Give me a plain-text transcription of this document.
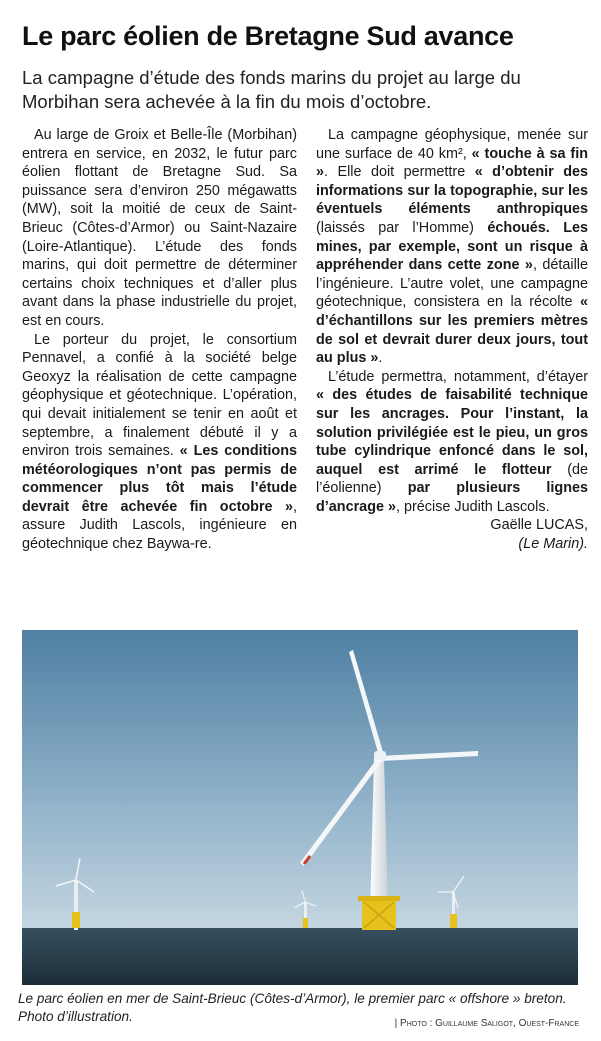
Le parc éolien de Bretagne Sud avance
La campagne d’étude des fonds marins du projet au large du Morbihan sera achevée à la fin du mois d’octobre.

Au large de Groix et Belle-Île (Morbihan) entrera en service, en 2032, le futur parc éolien flottant de Bretagne Sud. Sa puissance sera d’environ 250 mégawatts (MW), soit la moitié de ceux de Saint-Brieuc (Côtes-d’Armor) ou Saint-Nazaire (Loire-Atlantique). L’étude des fonds marins, qui doit permettre de déterminer certains choix techniques et d’aller plus avant dans la phase industrielle du projet, est en cours.

Le porteur du projet, le consortium Pennavel, a confié à la société belge Geoxyz la réalisation de cette campagne géophysique et géotechnique. L’opération, qui devait initialement se tenir en août et septembre, a finalement débuté il y a environ trois semaines. « Les conditions météorologiques n’ont pas permis de commencer plus tôt mais l’étude devrait être achevée fin octobre », assure Judith Lascols, ingénieure en géotechnique chez Baywa-re.

La campagne géophysique, menée sur une surface de 40 km², « touche à sa fin ». Elle doit permettre « d’obtenir des informations sur la topographie, sur les éventuels éléments anthropiques (laissés par l’Homme) échoués. Les mines, par exemple, sont un risque à appréhender dans cette zone », détaille l’ingénieure. L’autre volet, une campagne géotechnique, consistera en la récolte « d’échantillons sur les premiers mètres de sol et devrait durer deux jours, tout au plus ».

L’étude permettra, notamment, d’étayer « des études de faisabilité technique sur les ancrages. Pour l’instant, la solution privilégiée est le pieu, un gros tube cylindrique enfoncé dans le sol, auquel est arrimé le flotteur (de l’éolienne) par plusieurs lignes d’ancrage », précise Judith Lascols.

Gaëlle LUCAS,
(Le Marin).
Le parc éolien en mer de Saint-Brieuc (Côtes-d’Armor), le premier parc « offshore » breton. Photo d’illustration.	| Photo : Guillaume Saligot, Ouest-France
